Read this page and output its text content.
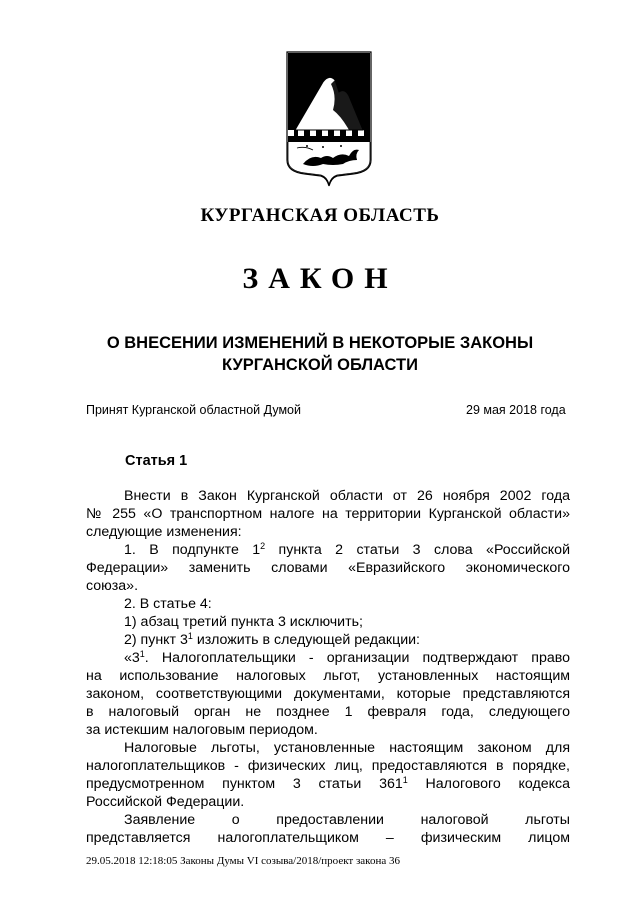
КУРГАНСКАЯ ОБЛАСТЬ
ЗАКОН
О ВНЕСЕНИИ ИЗМЕНЕНИЙ В НЕКОТОРЫЕ ЗАКОНЫ
КУРГАНСКОЙ ОБЛАСТИ
Принят Курганской областной Думой	29 мая 2018 года
Статья 1
Внести в Закон Курганской области от 26 ноября 2002 года
№ 255 «О транспортном налоге на территории Курганской области»
следующие изменения:
1. В подпункте $1^2$ пункта 2 статьи 3 слова «Российской
Федерации» заменить словами «Евразийского экономического
союза».
2. В статье 4:
1) абзац третий пункта 3 исключить;
2) пункт $3^1$ изложить в следующей редакции:
«$3^1$. Налогоплательщики - организации подтверждают право
на использование налоговых льгот, установленных настоящим
законом, соответствующими документами, которые представляются
в налоговый орган не позднее 1 февраля года, следующего
за истекшим налоговым периодом.
Налоговые льготы, установленные настоящим законом для
налогоплательщиков - физических лиц, предоставляются в порядке,
предусмотренном пунктом 3 статьи $361^1$ Налогового кодекса
Российской Федерации.
Заявление о предоставлении налоговой льготы
представляется налогоплательщиком – физическим лицом
29.05.2018 12:18:05 Законы Думы VI созыва/2018/проект закона 36
